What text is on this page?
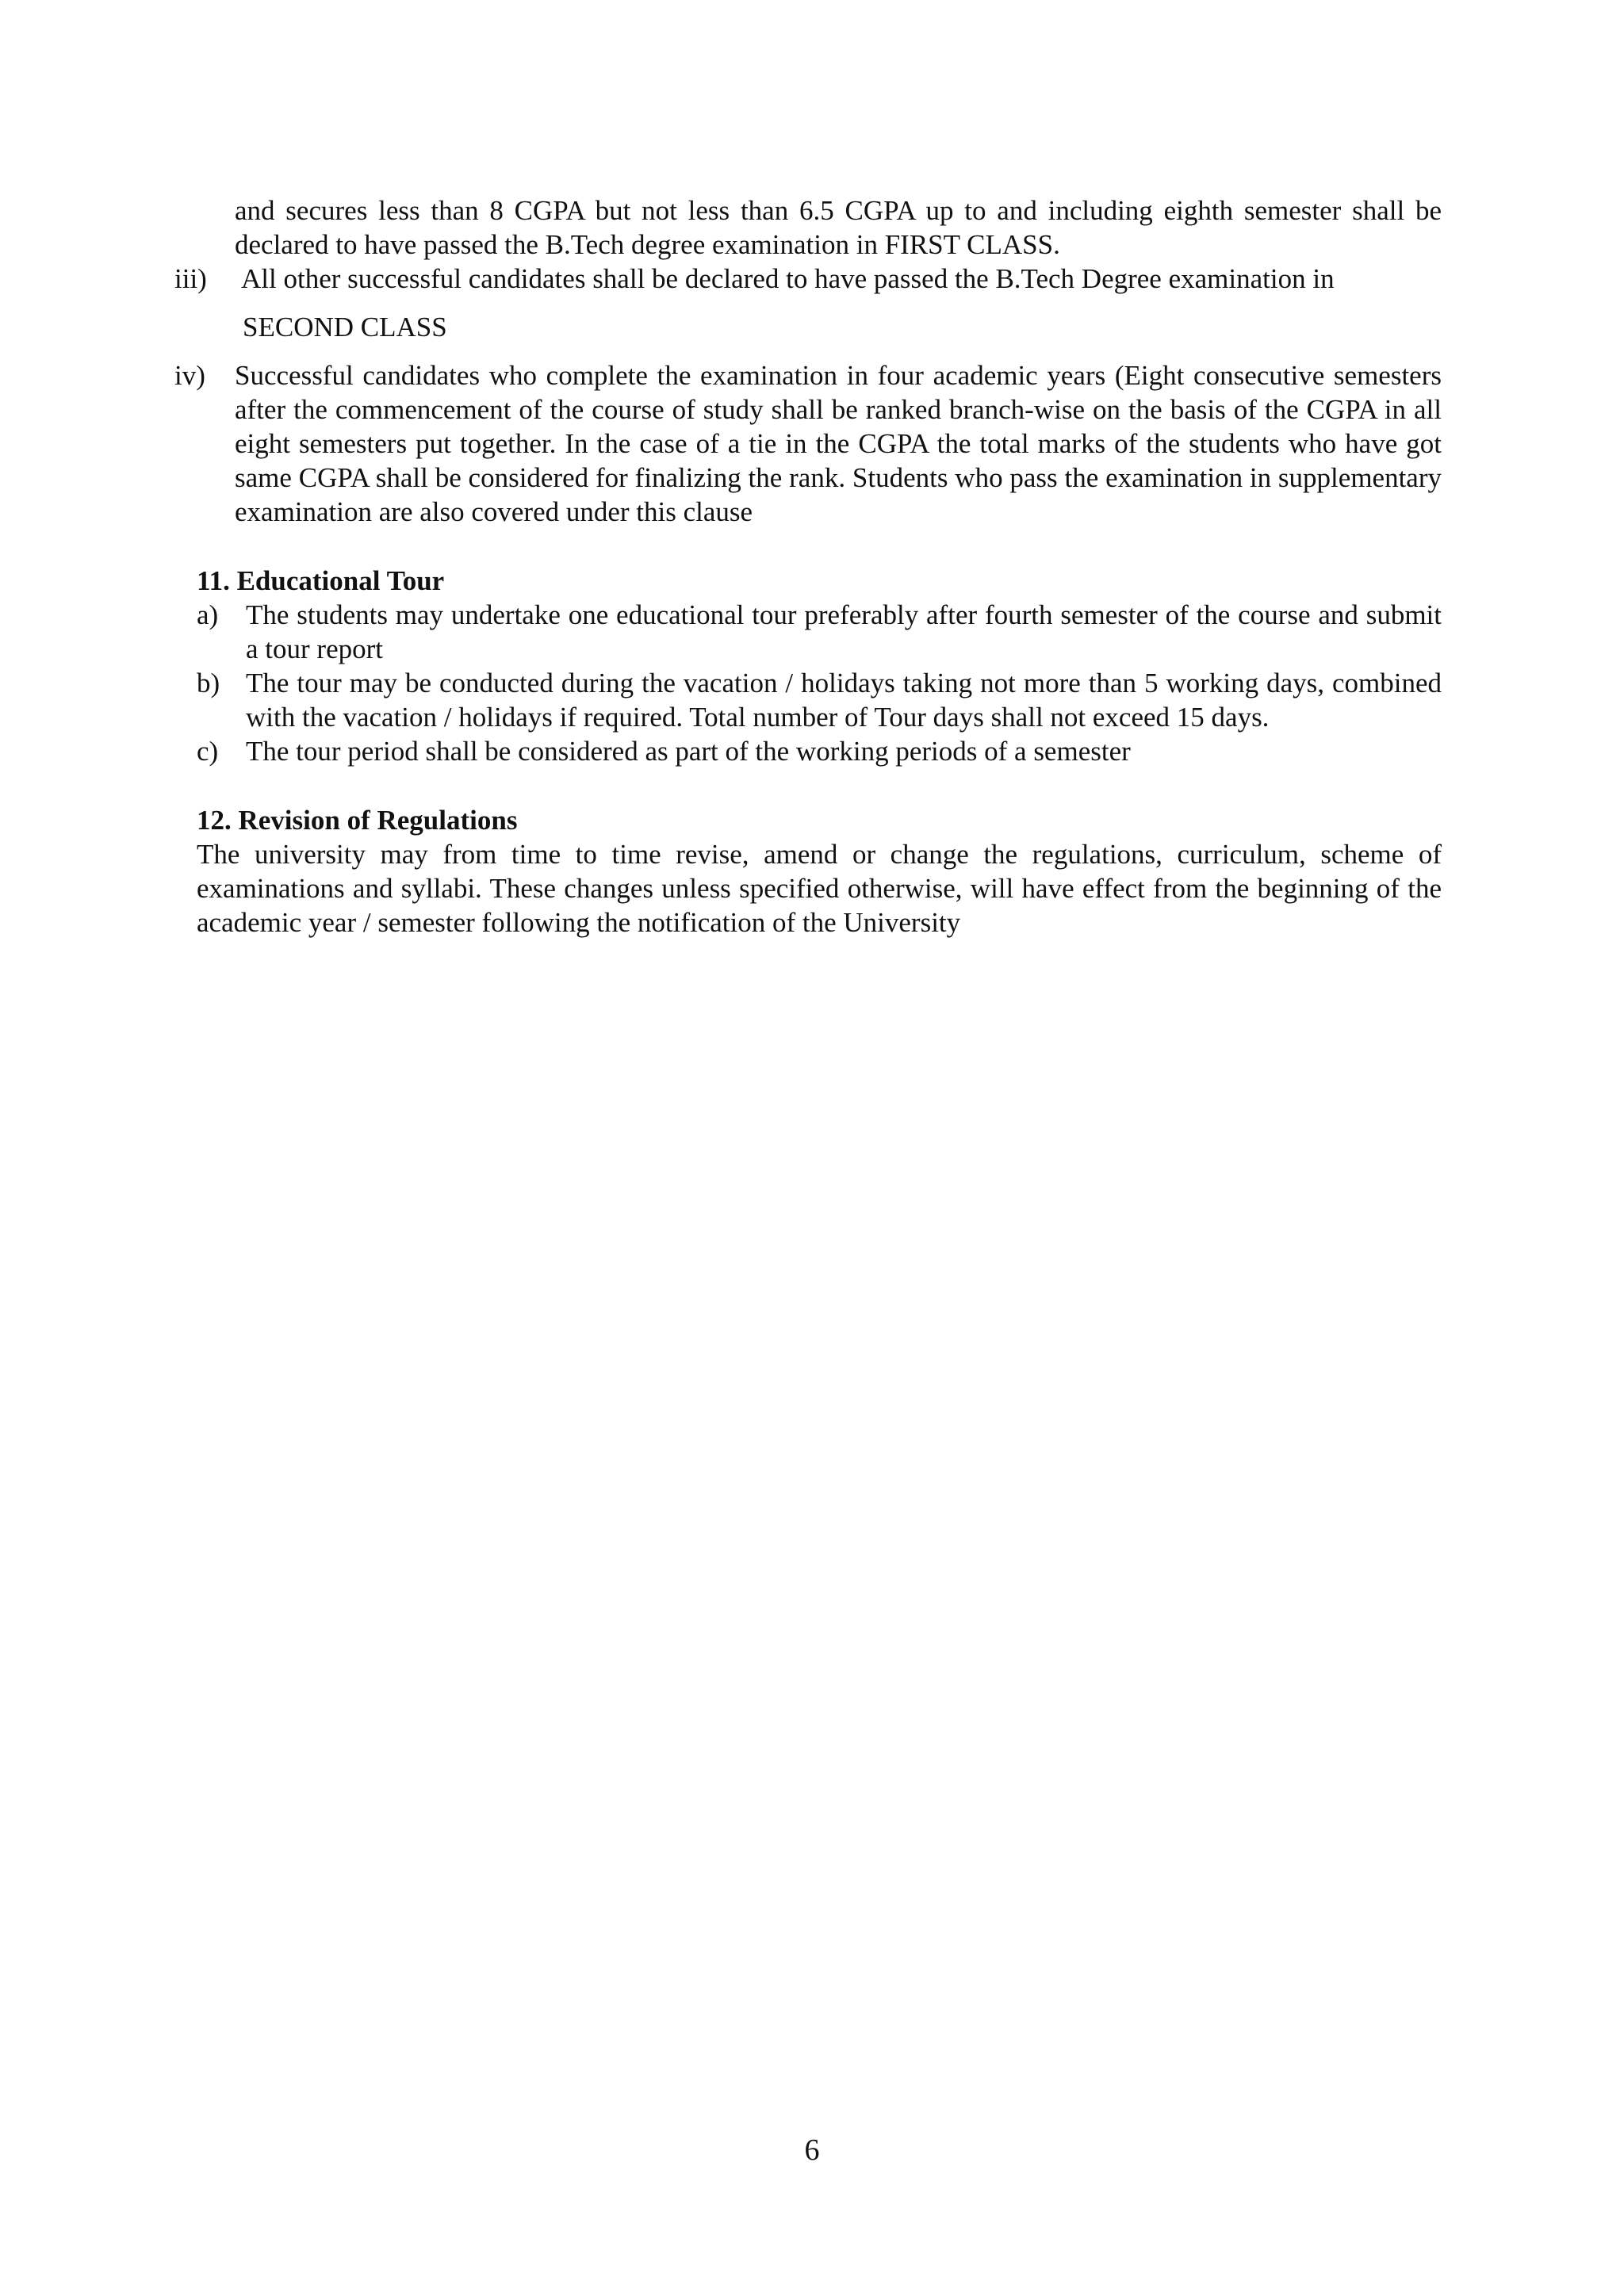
and secures less than 8 CGPA but not less than 6.5 CGPA up to and including eighth semester shall be declared to have passed the B.Tech degree examination in FIRST CLASS.

iii)	All other successful candidates shall be declared to have passed the B.Tech Degree examination in

SECOND CLASS

iv)	Successful candidates who complete the examination in four academic years (Eight consecutive semesters after the commencement of the course of study shall be ranked branch-wise on the basis of the CGPA in all eight semesters put together. In the case of a tie in the CGPA the total marks of the students who have got same CGPA shall be considered for finalizing the rank. Students who pass the examination in supplementary examination are also covered under this clause

11. Educational Tour

a) The students may undertake one educational tour preferably after fourth semester of the course and submit a tour report
b) The tour may be conducted during the vacation / holidays taking not more than 5 working days, combined with the vacation / holidays if required. Total number of Tour days shall not exceed 15 days.
c) The tour period shall be considered as part of the working periods of a semester

12. Revision of Regulations

The university may from time to time revise, amend or change the regulations, curriculum, scheme of examinations and syllabi. These changes unless specified otherwise, will have effect from the beginning of the academic year / semester following the notification of the University

6
